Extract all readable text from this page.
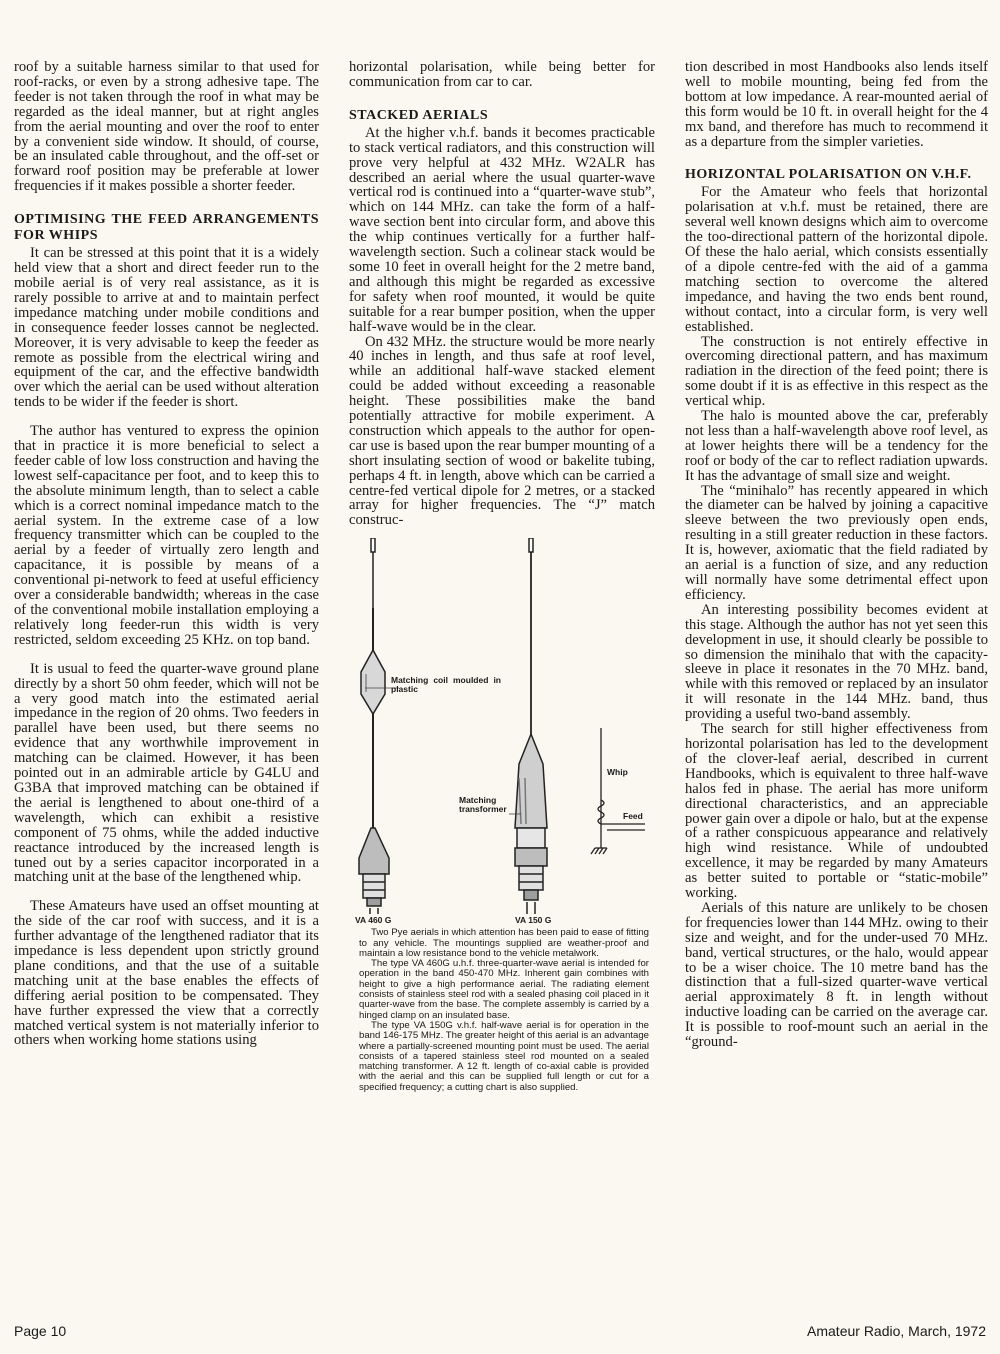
roof by a suitable harness similar to that used for roof-racks, or even by a strong adhesive tape. The feeder is not taken through the roof in what may be regarded as the ideal manner, but at right angles from the aerial mounting and over the roof to enter by a convenient side window. It should, of course, be an insulated cable throughout, and the off-set or forward roof position may be preferable at lower frequencies if it makes possible a shorter feeder.

OPTIMISING THE FEED ARRANGEMENTS FOR WHIPS

It can be stressed at this point that it is a widely held view that a short and direct feeder run to the mobile aerial is of very real assistance, as it is rarely possible to arrive at and to maintain perfect impedance matching under mobile conditions and in consequence feeder losses cannot be neglected. Moreover, it is very advisable to keep the feeder as remote as possible from the electrical wiring and equipment of the car, and the effective bandwidth over which the aerial can be used without alteration tends to be wider if the feeder is short.

The author has ventured to express the opinion that in practice it is more beneficial to select a feeder cable of low loss construction and having the lowest self-capacitance per foot, and to keep this to the absolute minimum length, than to select a cable which is a correct nominal impedance match to the aerial system. In the extreme case of a low frequency transmitter which can be coupled to the aerial by a feeder of virtually zero length and capacitance, it is possible by means of a conventional pi-network to feed at useful efficiency over a considerable bandwidth; whereas in the case of the conventional mobile installation employing a relatively long feeder-run this width is very restricted, seldom exceeding 25 KHz. on top band.

It is usual to feed the quarter-wave ground plane directly by a short 50 ohm feeder, which will not be a very good match into the estimated aerial impedance in the region of 20 ohms. Two feeders in parallel have been used, but there seems no evidence that any worthwhile improvement in matching can be claimed. However, it has been pointed out in an admirable article by G4LU and G3BA that improved matching can be obtained if the aerial is lengthened to about one-third of a wavelength, which can exhibit a resistive component of 75 ohms, while the added inductive reactance introduced by the increased length is tuned out by a series capacitor incorporated in a matching unit at the base of the lengthened whip.

These Amateurs have used an offset mounting at the side of the car roof with success, and it is a further advantage of the lengthened radiator that its impedance is less dependent upon strictly ground plane conditions, and that the use of a suitable matching unit at the base enables the effects of differing aerial position to be compensated. They have further expressed the view that a correctly matched vertical system is not materially inferior to others when working home stations using

horizontal polarisation, while being better for communication from car to car.

STACKED AERIALS

At the higher v.h.f. bands it becomes practicable to stack vertical radiators, and this construction will prove very helpful at 432 MHz. W2ALR has described an aerial where the usual quarter-wave vertical rod is continued into a “quarter-wave stub”, which on 144 MHz. can take the form of a half-wave section bent into circular form, and above this the whip continues vertically for a further half-wavelength section. Such a colinear stack would be some 10 feet in overall height for the 2 metre band, and although this might be regarded as excessive for safety when roof mounted, it would be quite suitable for a rear bumper position, when the upper half-wave would be in the clear.

On 432 MHz. the structure would be more nearly 40 inches in length, and thus safe at roof level, while an additional half-wave stacked element could be added without exceeding a reasonable height. These possibilities make the band potentially attractive for mobile experiment. A construction which appeals to the author for open-car use is based upon the rear bumper mounting of a short insulating section of wood or bakelite tubing, perhaps 4 ft. in length, above which can be carried a centre-fed vertical dipole for 2 metres, or a stacked array for higher frequencies. The “J” match construc-

Matching coil moulded in plastic
Matching transformer
Whip
Feed
VA 460 G	VA 150 G

Two Pye aerials in which attention has been paid to ease of fitting to any vehicle. The mountings supplied are weather-proof and maintain a low resistance bond to the vehicle metalwork.

The type VA 460G u.h.f. three-quarter-wave aerial is intended for operation in the band 450-470 MHz. Inherent gain combines with height to give a high performance aerial. The radiating element consists of stainless steel rod with a sealed phasing coil placed in it quarter-wave from the base. The complete assembly is carried by a hinged clamp on an insulated base.

The type VA 150G v.h.f. half-wave aerial is for operation in the band 146-175 MHz. The greater height of this aerial is an advantage where a partially-screened mounting point must be used. The aerial consists of a tapered stainless steel rod mounted on a sealed matching transformer. A 12 ft. length of co-axial cable is provided with the aerial and this can be supplied full length or cut for a specified frequency; a cutting chart is also supplied.

tion described in most Handbooks also lends itself well to mobile mounting, being fed from the bottom at low impedance. A rear-mounted aerial of this form would be 10 ft. in overall height for the 4 mx band, and therefore has much to recommend it as a departure from the simpler varieties.

HORIZONTAL POLARISATION ON V.H.F.

For the Amateur who feels that horizontal polarisation at v.h.f. must be retained, there are several well known designs which aim to overcome the too-directional pattern of the horizontal dipole. Of these the halo aerial, which consists essentially of a dipole centre-fed with the aid of a gamma matching section to overcome the altered impedance, and having the two ends bent round, without contact, into a circular form, is very well established.

The construction is not entirely effective in overcoming directional pattern, and has maximum radiation in the direction of the feed point; there is some doubt if it is as effective in this respect as the vertical whip.

The halo is mounted above the car, preferably not less than a half-wavelength above roof level, as at lower heights there will be a tendency for the roof or body of the car to reflect radiation upwards. It has the advantage of small size and weight.

The “minihalo” has recently appeared in which the diameter can be halved by joining a capacitive sleeve between the two previously open ends, resulting in a still greater reduction in these factors. It is, however, axiomatic that the field radiated by an aerial is a function of size, and any reduction will normally have some detrimental effect upon efficiency.

An interesting possibility becomes evident at this stage. Although the author has not yet seen this development in use, it should clearly be possible to so dimension the minihalo that with the capacity-sleeve in place it resonates in the 70 MHz. band, while with this removed or replaced by an insulator it will resonate in the 144 MHz. band, thus providing a useful two-band assembly.

The search for still higher effectiveness from horizontal polarisation has led to the development of the clover-leaf aerial, described in current Handbooks, which is equivalent to three half-wave halos fed in phase. The aerial has more uniform directional characteristics, and an appreciable power gain over a dipole or halo, but at the expense of a rather conspicuous appearance and relatively high wind resistance. While of undoubted excellence, it may be regarded by many Amateurs as better suited to portable or “static-mobile” working.

Aerials of this nature are unlikely to be chosen for frequencies lower than 144 MHz. owing to their size and weight, and for the under-used 70 MHz. band, vertical structures, or the halo, would appear to be a wiser choice. The 10 metre band has the distinction that a full-sized quarter-wave vertical aerial approximately 8 ft. in length without inductive loading can be carried on the average car. It is possible to roof-mount such an aerial in the “ground-

Page 10	Amateur Radio, March, 1972
